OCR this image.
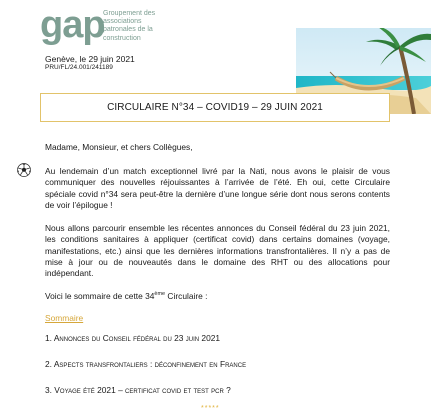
gap
Groupement des associations patronales de la construction
Genève, le 29 juin 2021
PRU/FL/24.001/241189
CIRCULAIRE N°34 – COVID19 – 29 JUIN 2021
Madame, Monsieur, et chers Collègues,
Au lendemain d’un match exceptionnel livré par la Nati, nous avons le plaisir de vous communiquer des nouvelles réjouissantes à l’arrivée de l’été. Eh oui, cette Circulaire spéciale covid n°34 sera peut-être la dernière d’une longue série dont nous serons contents de voir l’épilogue !
Nous allons parcourir ensemble les récentes annonces du Conseil fédéral du 23 juin 2021, les conditions sanitaires à appliquer (certificat covid) dans certains domaines (voyage, manifestations, etc.) ainsi que les dernières informations transfrontalières. Il n’y a pas de mise à jour ou de nouveautés dans le domaine des RHT ou des allocations pour indépendant.
Voici le sommaire de cette 34ème Circulaire :
Sommaire
1. Annonces du Conseil fédéral du 23 juin 2021
2. Aspects transfrontaliers : déconfinement en France
3. Voyage été 2021 – certificat covid et test pcr ?
*****
